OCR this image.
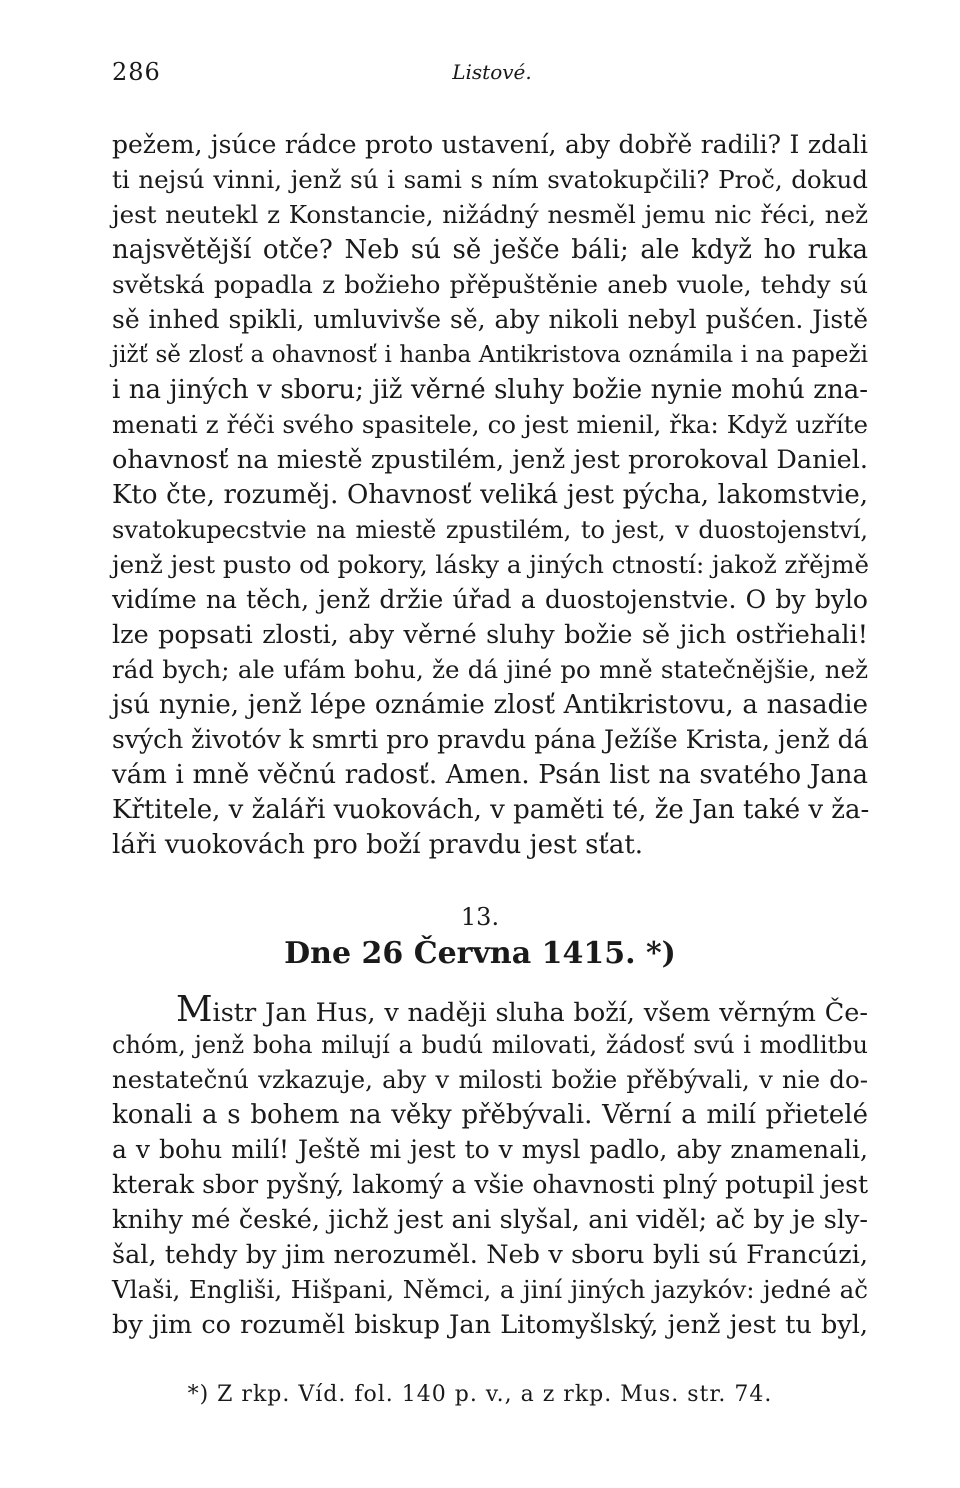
286	Listové.
pežem, jsúce rádce proto ustavení, aby dobřě radili? I zdali
ti nejsú vinni, jenž sú i sami s ním svatokupčili? Proč, dokud
jest neutekl z Konstancie, nižádný nesměl jemu nic řéci, než
najsvětější otče? Neb sú sě ješče báli; ale když ho ruka
světská popadla z božieho přěpuštěnie aneb vuole, tehdy sú
sě inhed spikli, umluvivše sě, aby nikoli nebyl pušćen. Jistě
jižť sě zlosť a ohavnosť i hanba Antikristova oznámila i na papeži
i na jiných v sboru; již věrné sluhy božie nynie mohú zna-
menati z řéči svého spasitele, co jest mienil, řka: Když uzříte
ohavnosť na miestě zpustilém, jenž jest prorokoval Daniel.
Kto čte, rozuměj. Ohavnosť veliká jest pýcha, lakomstvie,
svatokupecstvie na miestě zpustilém, to jest, v duostojenství,
jenž jest pusto od pokory, lásky a jiných ctností: jakož zřějmě
vidíme na těch, jenž držie úřad a duostojenstvie. O by bylo
lze popsati zlosti, aby věrné sluhy božie sě jich ostřiehali!
rád bych; ale ufám bohu, že dá jiné po mně statečnějšie, než
jsú nynie, jenž lépe oznámie zlosť Antikristovu, a nasadie
svých životóv k smrti pro pravdu pána Ježíše Krista, jenž dá
vám i mně věčnú radosť. Amen. Psán list na svatého Jana
Křtitele, v žaláři vuokovách, v paměti té, že Jan také v ža-
láři vuokovách pro boží pravdu jest sťat.
13.
Dne 26 Června 1415. *)
Mistr Jan Hus, v naději sluha boží, všem věrným Če-
chóm, jenž boha milují a budú milovati, žádosť svú i modlitbu
nestatečnú vzkazuje, aby v milosti božie přěbývali, v nie do-
konali a s bohem na věky přěbývali. Věrní a milí přietelé
a v bohu milí! Ještě mi jest to v mysl padlo, aby znamenali,
kterak sbor pyšný, lakomý a všie ohavnosti plný potupil jest
knihy mé české, jichž jest ani slyšal, ani viděl; ač by je sly-
šal, tehdy by jim nerozuměl. Neb v sboru byli sú Francúzi,
Vlaši, Engliši, Hišpani, Němci, a jiní jiných jazykóv: jedné ač
by jim co rozuměl biskup Jan Litomyšlský, jenž jest tu byl,
*) Z rkp. Víd. fol. 140 p. v., a z rkp. Mus. str. 74.
